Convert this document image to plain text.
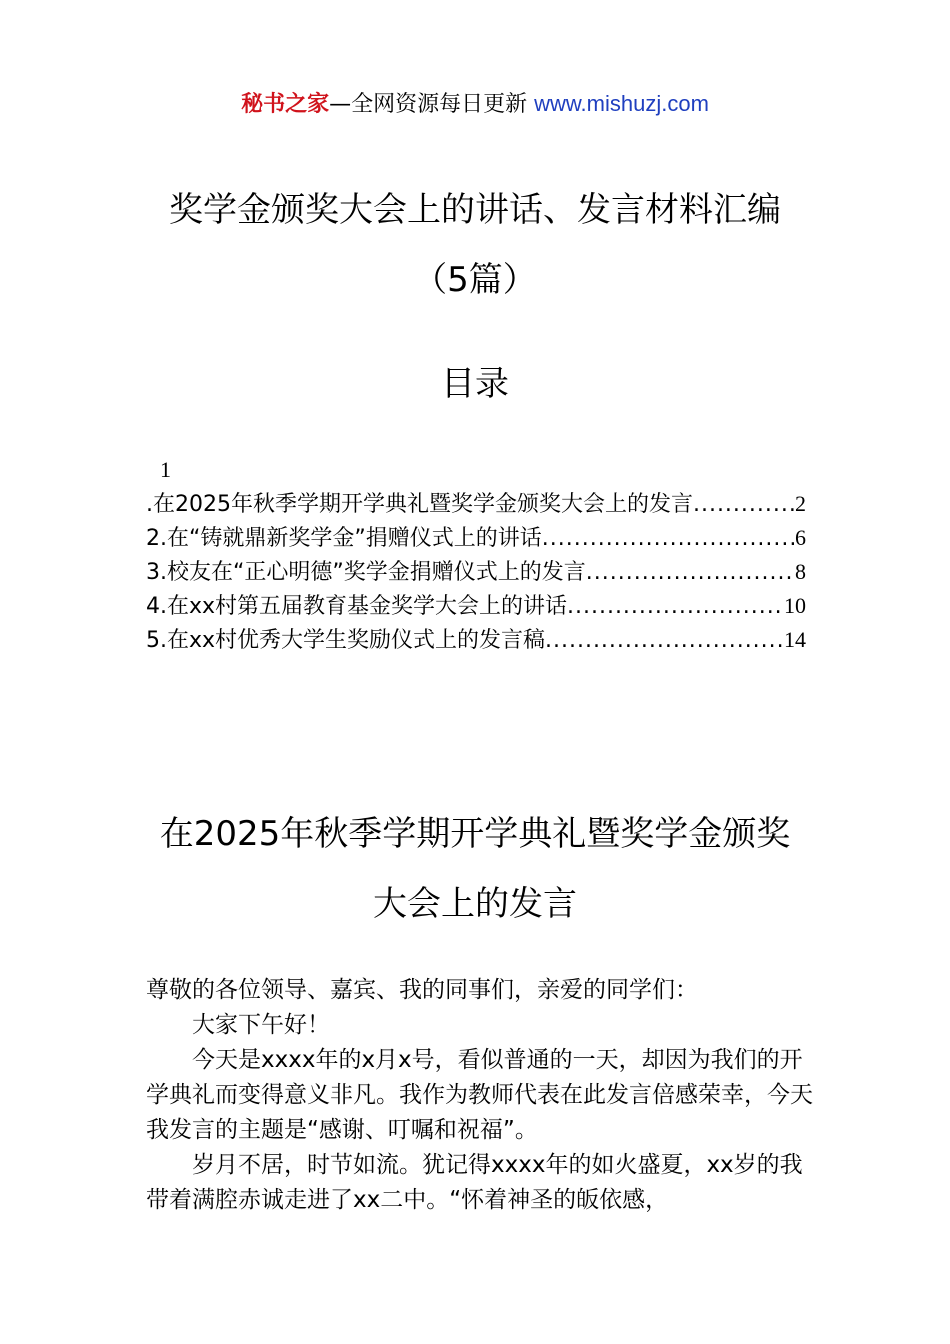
秘书之家—全网资源每日更新 www.mishuzj.com
奖学金颁奖大会上的讲话、发言材料汇编
（5篇）
目录
1
.在2025年秋季学期开学典礼暨奖学金颁奖大会上的发言 . . .	2
2.在“铸就鼎新奖学金”捐赠仪式上的讲话 . . .	6
3.校友在“正心明德”奖学金捐赠仪式上的发言 . . .	8
4.在xx村第五届教育基金奖学大会上的讲话 . . .	10
5.在xx村优秀大学生奖励仪式上的发言稿 . . .	14
在2025年秋季学期开学典礼暨奖学金颁奖
大会上的发言

尊敬的各位领导、嘉宾、我的同事们，亲爱的同学们：

大家下午好！

今天是xxxx年的x月x号，看似普通的一天，却因为我们的开学典礼而变得意义非凡。我作为教师代表在此发言倍感荣幸，今天我发言的主题是“感谢、叮嘱和祝福”。

岁月不居，时节如流。犹记得xxxx年的如火盛夏，xx岁的我带着满腔赤诚走进了xx二中。“怀着神圣的皈依感，
